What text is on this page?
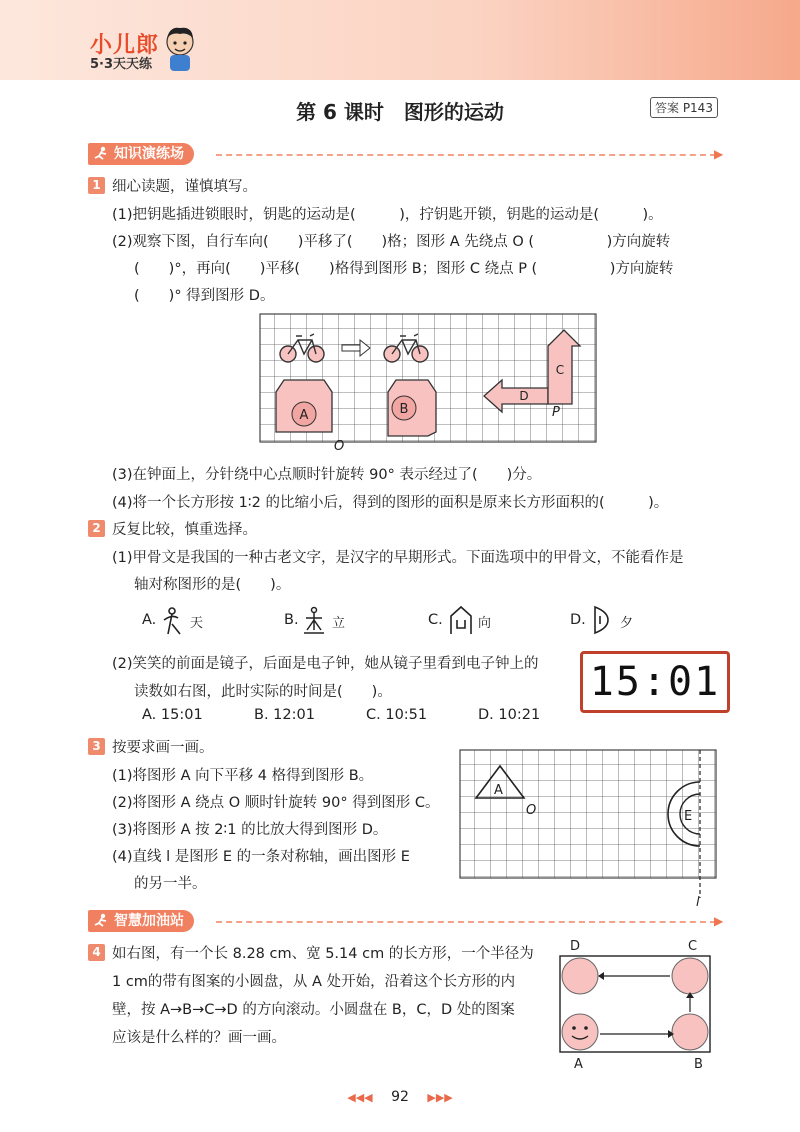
小儿郎
5·3天天练
第 6 课时　图形的运动	答案 P143
知识演练场	▶
1 细心读题，谨慎填写。
(1)把钥匙插进锁眼时，钥匙的运动是(　　　)，拧钥匙开锁，钥匙的运动是(　　　)。
(2)观察下图，自行车向(　　)平移了(　　)格；图形 A 先绕点 O (　　　　　)方向旋转
(　　)°，再向(　　)平移(　　)格得到图形 B；图形 C 绕点 P (　　　　　)方向旋转
(　　)° 得到图形 D。
A	B
O
D
C
P
(3)在钟面上，分针绕中心点顺时针旋转 90° 表示经过了(　　)分。
(4)将一个长方形按 1∶2 的比缩小后，得到的图形的面积是原来长方形面积的(　　　)。
2 反复比较，慎重选择。
(1)甲骨文是我国的一种古老文字，是汉字的早期形式。下面选项中的甲骨文，不能看作是
轴对称图形的是(　　)。
A.	天	B.	立	C.	向	D.	夕
(2)笑笑的前面是镜子，后面是电子钟，她从镜子里看到电子钟上的
读数如右图，此时实际的时间是(　　)。	15:01
A. 15:01	B. 12:01	C. 10:51	D. 10:21
3 按要求画一画。
(1)将图形 A 向下平移 4 格得到图形 B。
(2)将图形 A 绕点 O 顺时针旋转 90° 得到图形 C。
(3)将图形 A 按 2∶1 的比放大得到图形 D。
(4)直线 l 是图形 E 的一条对称轴，画出图形 E
的另一半。
A
O	E
l
智慧加油站	▶
4 如右图，有一个长 8.28 cm、宽 5.14 cm 的长方形，一个半径为
1 cm的带有图案的小圆盘，从 A 处开始，沿着这个长方形的内
壁，按 A→B→C→D 的方向滚动。小圆盘在 B，C，D 处的图案
应该是什么样的？画一画。
D	C
A	B
◀◀◀ 92 ▶▶▶
